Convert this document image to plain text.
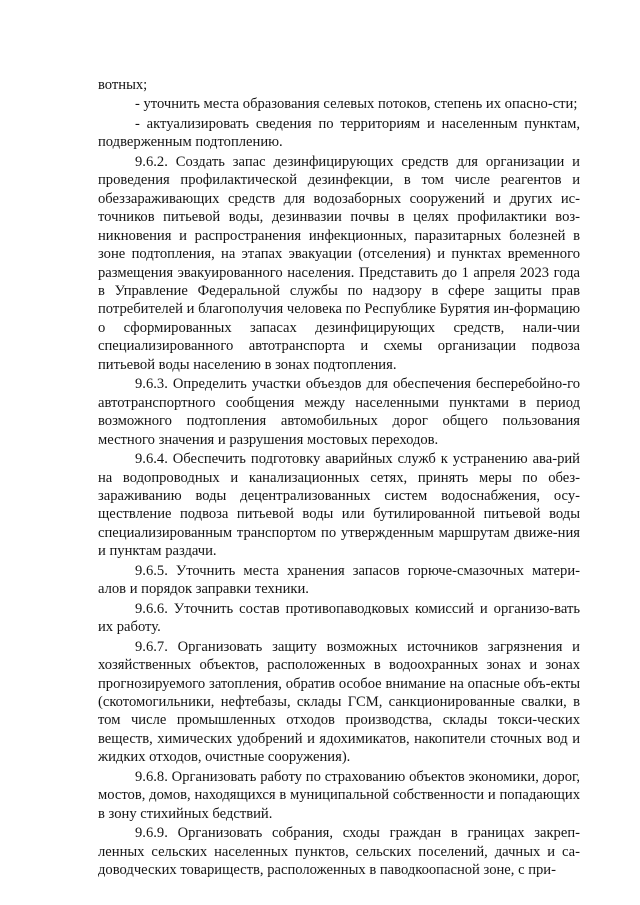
вотных;

- уточнить места образования селевых потоков, степень их опасно-сти;

- актуализировать сведения по территориям и населенным пунктам, подверженным подтоплению.

9.6.2. Создать запас дезинфицирующих средств для организации и проведения профилактической дезинфекции, в том числе реагентов и обеззараживающих средств для водозаборных сооружений и других ис-точников питьевой воды, дезинвазии почвы в целях профилактики воз-никновения и распространения инфекционных, паразитарных болезней в зоне подтопления, на этапах эвакуации (отселения) и пунктах временного размещения эвакуированного населения. Представить до 1 апреля 2023 года в Управление Федеральной службы по надзору в сфере защиты прав потребителей и благополучия человека по Республике Бурятия ин-формацию о сформированных запасах дезинфицирующих средств, нали-чии специализированного автотранспорта и схемы организации подвоза питьевой воды населению в зонах подтопления.

9.6.3. Определить участки объездов для обеспечения бесперебойно-го автотранспортного сообщения между населенными пунктами в период возможного подтопления автомобильных дорог общего пользования местного значения и разрушения мостовых переходов.

9.6.4. Обеспечить подготовку аварийных служб к устранению ава-рий на водопроводных и канализационных сетях, принять меры по обез-зараживанию воды децентрализованных систем водоснабжения, осу-ществление подвоза питьевой воды или бутилированной питьевой воды специализированным транспортом по утвержденным маршрутам движе-ния и пунктам раздачи.

9.6.5. Уточнить места хранения запасов горюче-смазочных матери-алов и порядок заправки техники.

9.6.6. Уточнить состав противопаводковых комиссий и организо-вать их работу.

9.6.7. Организовать защиту возможных источников загрязнения и хозяйственных объектов, расположенных в водоохранных зонах и зонах прогнозируемого затопления, обратив особое внимание на опасные объ-екты (скотомогильники, нефтебазы, склады ГСМ, санкционированные свалки, в том числе промышленных отходов производства, склады токси-ческих веществ, химических удобрений и ядохимикатов, накопители сточных вод и жидких отходов, очистные сооружения).

9.6.8. Организовать работу по страхованию объектов экономики, дорог, мостов, домов, находящихся в муниципальной собственности и попадающих в зону стихийных бедствий.

9.6.9. Организовать собрания, сходы граждан в границах закреп-ленных сельских населенных пунктов, сельских поселений, дачных и са-доводческих товариществ, расположенных в паводкоопасной зоне, с при-
